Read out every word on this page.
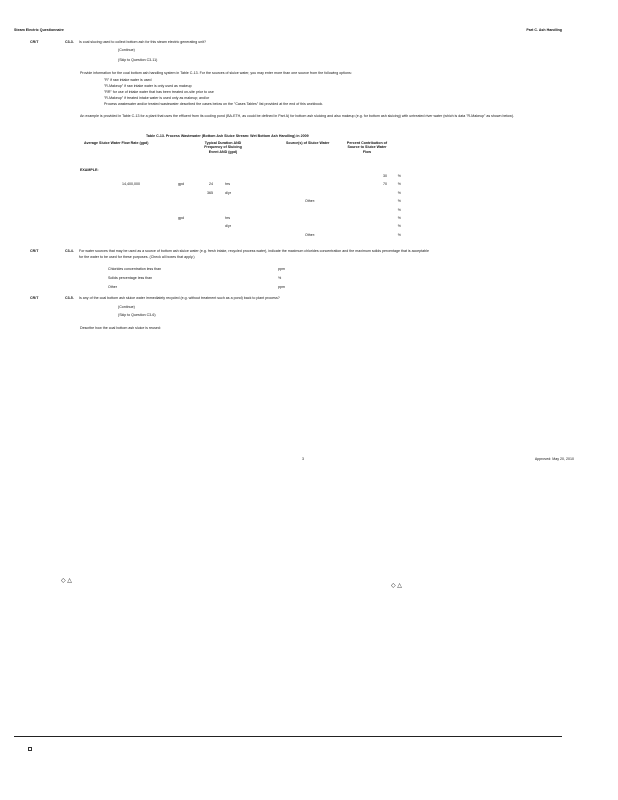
Steam Electric Questionnaire	Part C. Ash Handling
CR/T	C3-3. Is coal slucing used to collect bottom ash for this steam electric generating unit?
(Continue)
(Skip to Question C3-11)
Provide information for the coal bottom ash handling system in Table C-13. For the sources of sluice water, you may enter more than one source from the following options:
"R" if raw intake water is used
"R-Makeup" if raw intake water is only used as makeup
"RR" for use of intake water that has been treated on-site prior to use
"R-Makeup" if treated intake water is used only as makeup; and/or
Process wastewater and/or treated wastewater described the cases below on the "Cases Tables" list provided at the end of this workbook.
An example is provided in Table C-13 for a plant that uses the effluent from its cooling pond (BA-ETH, as could be defined in Part A) for bottom ash sluicing and also makeup (e.g. for bottom ash sluicing) with untreated river water (which is data "R-Makeup" as shown below).
Table C-13. Process Wastewater (Bottom Ash Sluice Stream: Wet Bottom Ash Handling) in 2009
Average Sluice Water Flow Rate (gpd)	Typical Duration AND Frequency of Sluicing Event AND (gpd)
Source(s) of Sluice Water	Percent Contribution of Source to Sluice Water Flow
EXAMPLE:
						30	%
14,400,000	gpd	24		hrs		70	%
		365		d/yr			%
					Other:		%
							%
	gpd			hrs			%
				d/yr			%
					Other:		%
CR/T	C3-4. For water sources that may be used as a source of bottom ash sluice water (e.g. fresh intake, recycled process water), indicate the maximum chlorides concentration and the maximum solids percentage that is acceptable
for the water to be used for these purposes. (Check all boxes that apply.)
Chlorides concentration less than	ppm
Solids percentage less than	%
Other	ppm
CR/T	C3-5. Is any of the coal bottom ash sluice water immediately recycled (e.g. without treatment such as a pond) back to plant process?
(Continue)
(Skip to Question C3-6)
Describe how the coal bottom ash sluice is reused:
3	Approved: May 20, 2010
◇ △
◇ △
